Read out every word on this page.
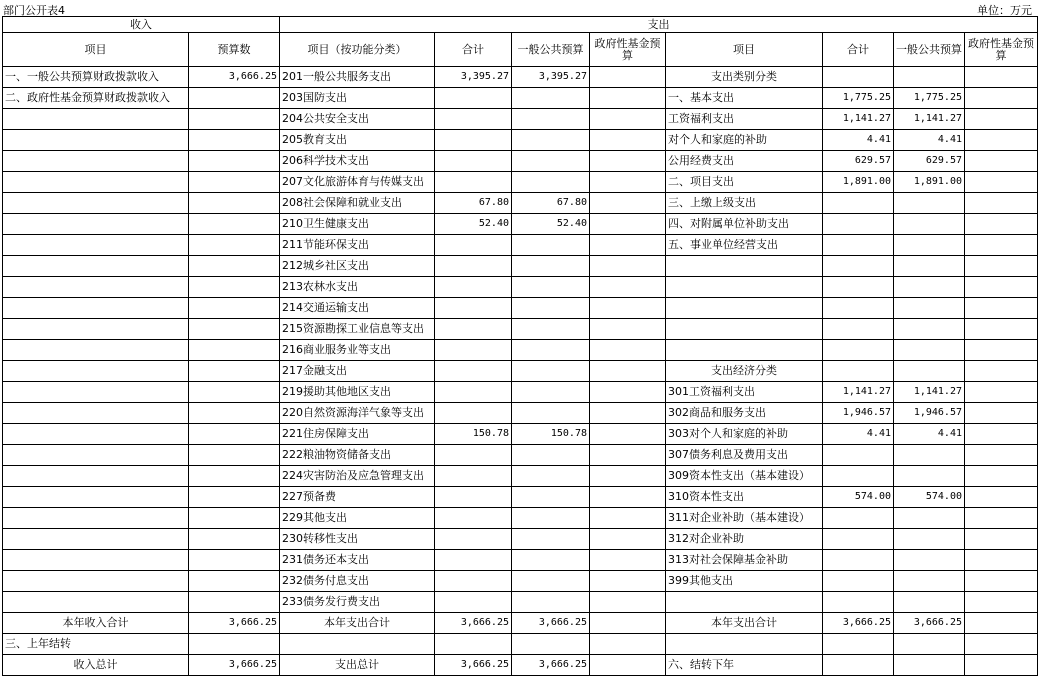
部门公开表4	单位：万元
收入		支出							
项目	预算数	项目（按功能分类）	合计	一般公共预算	政府性基金预算	项目	合计	一般公共预算	政府性基金预算
一、一般公共预算财政拨款收入	3,666.25	201一般公共服务支出	3,395.27	3,395.27		支出类别分类			
二、政府性基金预算财政拨款收入		203国防支出				一、基本支出	1,775.25	1,775.25	
		204公共安全支出				工资福利支出	1,141.27	1,141.27	
		205教育支出				对个人和家庭的补助	4.41	4.41	
		206科学技术支出				公用经费支出	629.57	629.57	
		207文化旅游体育与传媒支出				二、项目支出	1,891.00	1,891.00	
		208社会保障和就业支出	67.80	67.80		三、上缴上级支出			
		210卫生健康支出	52.40	52.40		四、对附属单位补助支出			
		211节能环保支出				五、事业单位经营支出			
		212城乡社区支出							
		213农林水支出							
		214交通运输支出							
		215资源勘探工业信息等支出							
		216商业服务业等支出							
		217金融支出				支出经济分类			
		219援助其他地区支出				301工资福利支出	1,141.27	1,141.27	
		220自然资源海洋气象等支出				302商品和服务支出	1,946.57	1,946.57	
		221住房保障支出	150.78	150.78		303对个人和家庭的补助	4.41	4.41	
		222粮油物资储备支出				307债务利息及费用支出			
		224灾害防治及应急管理支出				309资本性支出（基本建设）			
		227预备费				310资本性支出	574.00	574.00	
		229其他支出				311对企业补助（基本建设）			
		230转移性支出				312对企业补助			
		231债务还本支出				313对社会保障基金补助			
		232债务付息支出				399其他支出			
		233债务发行费支出							
本年收入合计	3,666.25	本年支出合计	3,666.25	3,666.25		本年支出合计	3,666.25	3,666.25	
三、上年结转									
收入总计	3,666.25	支出总计	3,666.25	3,666.25		六、结转下年			
